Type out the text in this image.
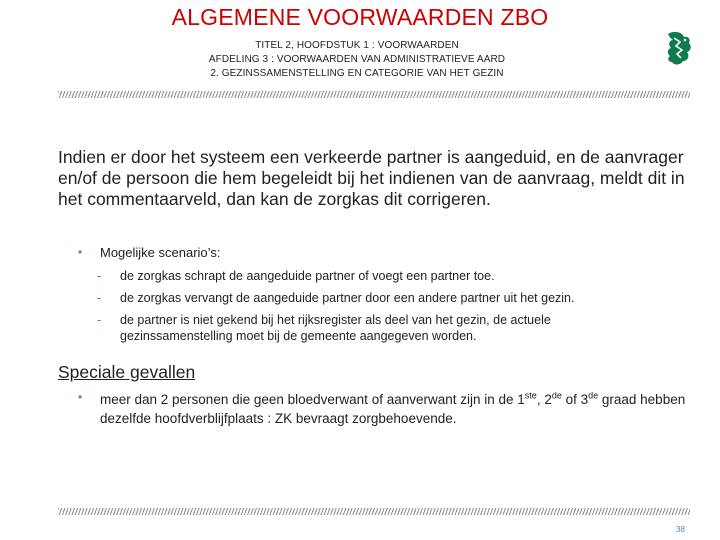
ALGEMENE VOORWAARDEN ZBO
TITEL 2, HOOFDSTUK 1 : VOORWAARDEN
AFDELING 3 : VOORWAARDEN VAN ADMINISTRATIEVE AARD
2. GEZINSSAMENSTELLING EN CATEGORIE VAN HET GEZIN
Indien er door het systeem een verkeerde partner is aangeduid, en de aanvrager en/of de persoon die hem begeleidt bij het indienen van de aanvraag, meldt dit in het commentaarveld, dan kan de zorgkas dit corrigeren.
• Mogelijke scenario’s:
- de zorgkas schrapt de aangeduide partner of voegt een partner toe.
- de zorgkas vervangt de aangeduide partner door een andere partner uit het gezin.
- de partner is niet gekend bij het rijksregister als deel van het gezin, de actuele gezinssamenstelling moet bij de gemeente aangegeven worden.
Speciale gevallen
• meer dan 2 personen die geen bloedverwant of aanverwant zijn in de 1ste, 2de of 3de graad hebben dezelfde hoofdverblijfplaats : ZK bevraagt zorgbehoevende.
38
